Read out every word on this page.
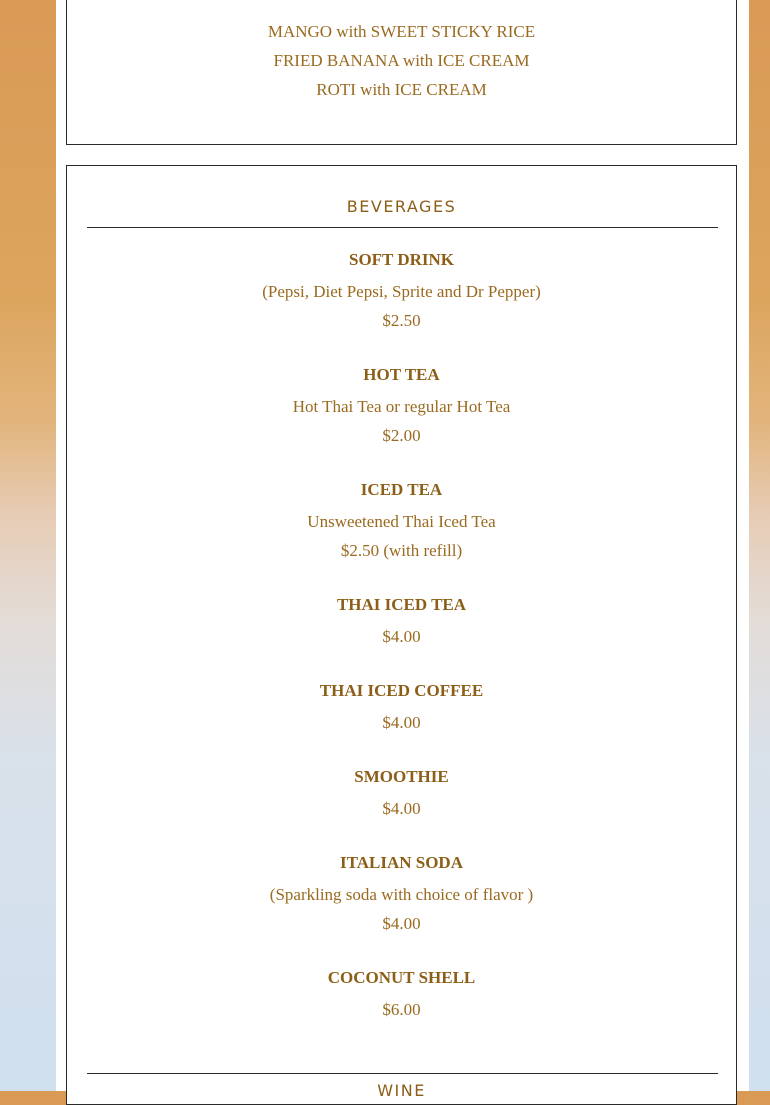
MANGO with SWEET STICKY RICE
FRIED BANANA with ICE CREAM
ROTI with ICE CREAM
BEVERAGES
SOFT DRINK
(Pepsi, Diet Pepsi, Sprite and Dr Pepper)
$2.50
HOT TEA
Hot Thai Tea or regular Hot Tea
$2.00
ICED TEA
Unsweetened Thai Iced Tea
$2.50 (with refill)
THAI ICED TEA
$4.00
THAI ICED COFFEE
$4.00
SMOOTHIE
$4.00
ITALIAN SODA
(Sparkling soda with choice of flavor )
$4.00
COCONUT SHELL
$6.00
WINE
